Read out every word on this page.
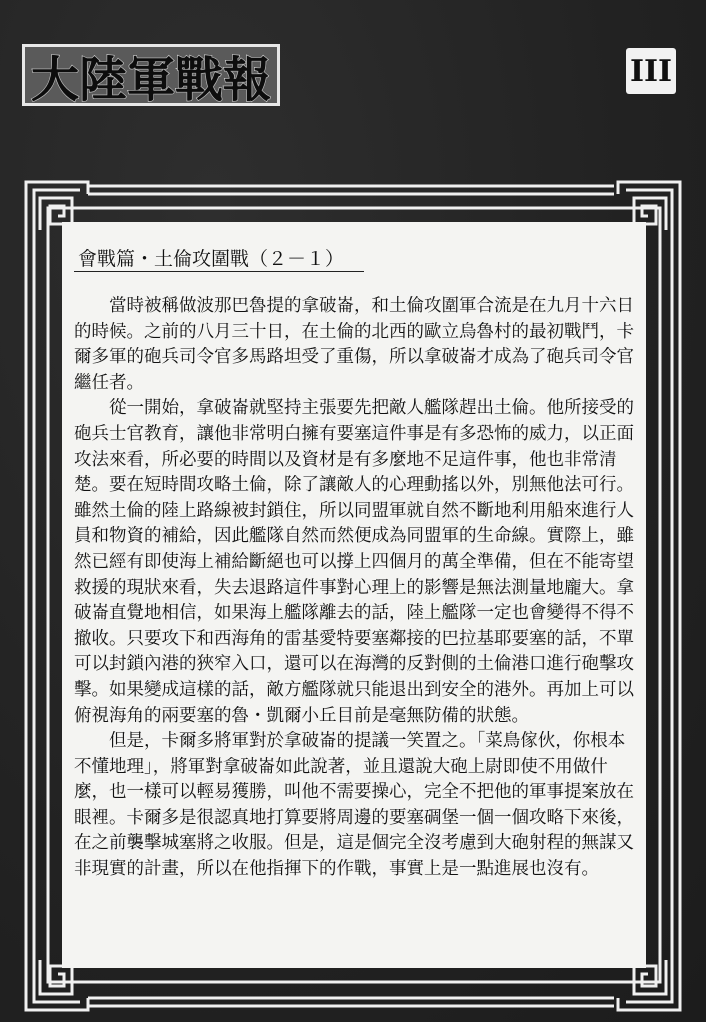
大陸軍戰報	III
會戰篇・土倫攻圍戰（２－１）

當時被稱做波那巴魯提的拿破崙，和土倫攻圍軍合流是在九月十六日的時候。之前的八月三十日，在土倫的北西的歐立烏魯村的最初戰鬥，卡爾多軍的砲兵司令官多馬路坦受了重傷，所以拿破崙才成為了砲兵司令官繼任者。

從一開始，拿破崙就堅持主張要先把敵人艦隊趕出土倫。他所接受的砲兵士官教育，讓他非常明白擁有要塞這件事是有多恐怖的威力，以正面攻法來看，所必要的時間以及資材是有多麼地不足這件事，他也非常清楚。要在短時間攻略土倫，除了讓敵人的心理動搖以外，別無他法可行。雖然土倫的陸上路線被封鎖住，所以同盟軍就自然不斷地利用船來進行人員和物資的補給，因此艦隊自然而然便成為同盟軍的生命線。實際上，雖然已經有即使海上補給斷絕也可以撐上四個月的萬全準備，但在不能寄望救援的現狀來看，失去退路這件事對心理上的影響是無法測量地龐大。拿破崙直覺地相信，如果海上艦隊離去的話，陸上艦隊一定也會變得不得不撤收。只要攻下和西海角的雷基愛特要塞鄰接的巴拉基耶要塞的話，不單可以封鎖內港的狹窄入口，還可以在海灣的反對側的土倫港口進行砲擊攻擊。如果變成這樣的話，敵方艦隊就只能退出到安全的港外。再加上可以俯視海角的兩要塞的魯・凱爾小丘目前是毫無防備的狀態。

但是，卡爾多將軍對於拿破崙的提議一笑置之。「菜鳥傢伙，你根本不懂地理」，將軍對拿破崙如此說著，並且還說大砲上尉即使不用做什麼，也一樣可以輕易獲勝，叫他不需要操心，完全不把他的軍事提案放在眼裡。卡爾多是很認真地打算要將周邊的要塞碉堡一個一個攻略下來後，在之前襲擊城塞將之收服。但是，這是個完全沒考慮到大砲射程的無謀又非現實的計畫，所以在他指揮下的作戰，事實上是一點進展也沒有。
